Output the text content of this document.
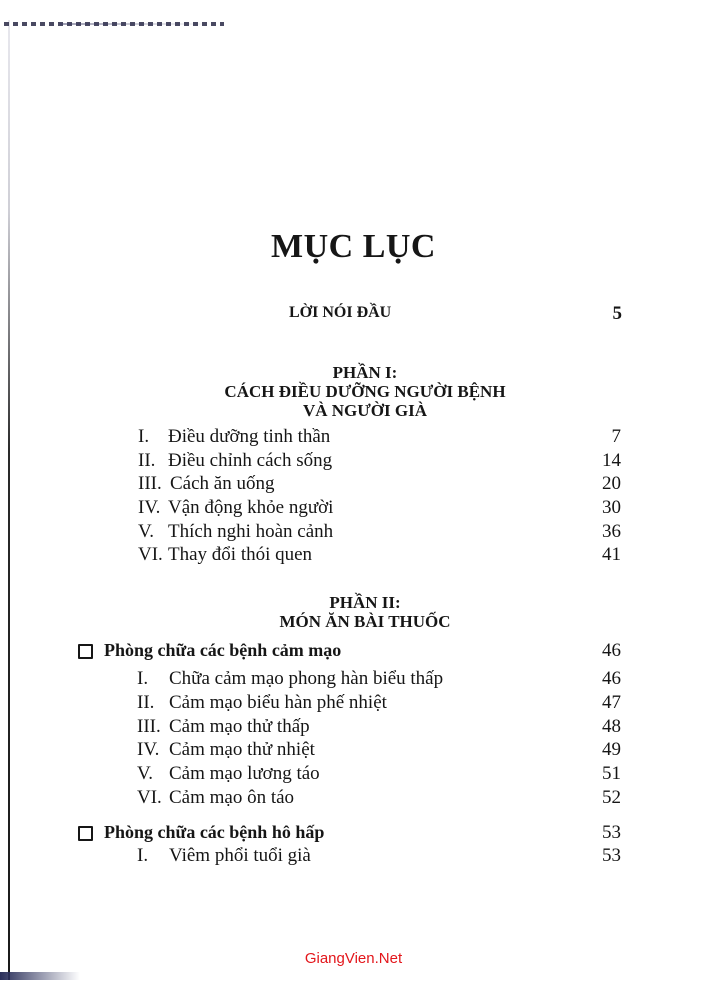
MỤC LỤC
LỜI NÓI ĐẦU	5
PHẦN I:
CÁCH ĐIỀU DƯỠNG NGƯỜI BỆNH
VÀ NGƯỜI GIÀ
I. Điều dưỡng tinh thần	7
II. Điều chỉnh cách sống	14
III. Cách ăn uống	20
IV. Vận động khỏe người	30
V. Thích nghi hoàn cảnh	36
VI. Thay đổi thói quen	41
PHẦN II:
MÓN ĂN BÀI THUỐC
Phòng chữa các bệnh cảm mạo	46
I. Chữa cảm mạo phong hàn biểu thấp	46
II. Cảm mạo biểu hàn phế nhiệt	47
III. Cảm mạo thử thấp	48
IV. Cảm mạo thử nhiệt	49
V. Cảm mạo lương táo	51
VI. Cảm mạo ôn táo	52
Phòng chữa các bệnh hô hấp	53
I. Viêm phổi tuổi già	53
GiangVien.Net
